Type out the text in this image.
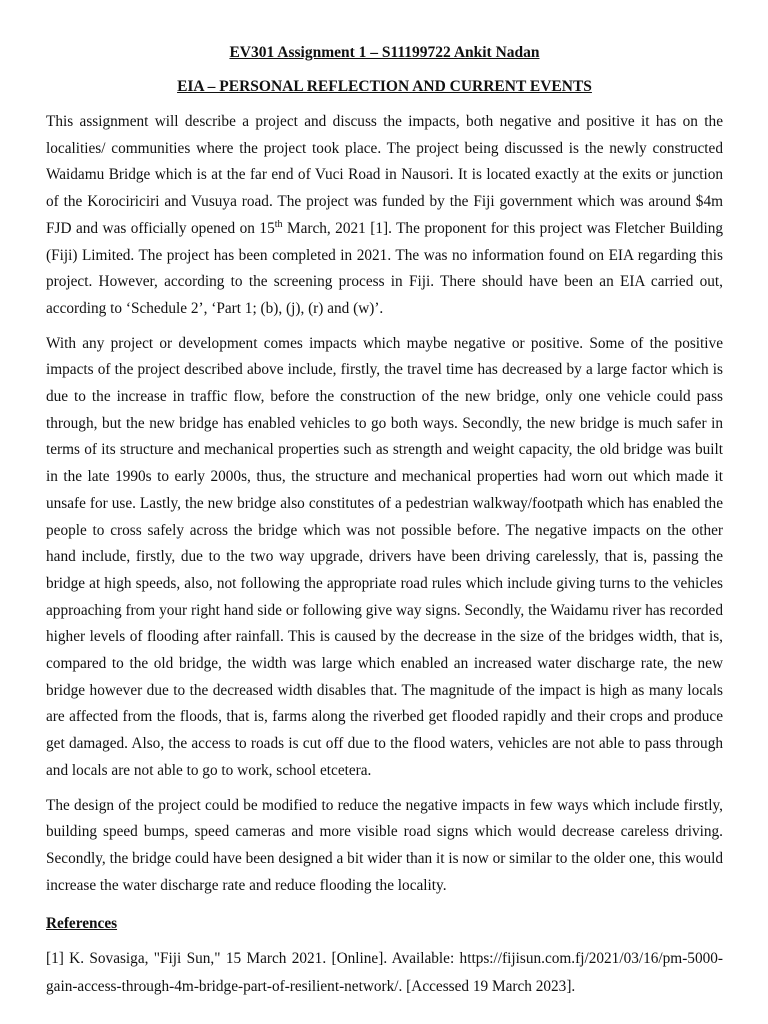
EV301 Assignment 1 – S11199722 Ankit Nadan

EIA – PERSONAL REFLECTION AND CURRENT EVENTS

This assignment will describe a project and discuss the impacts, both negative and positive it has on the localities/ communities where the project took place. The project being discussed is the newly constructed Waidamu Bridge which is at the far end of Vuci Road in Nausori. It is located exactly at the exits or junction of the Korociriciri and Vusuya road. The project was funded by the Fiji government which was around $4m FJD and was officially opened on 15th March, 2021 [1]. The proponent for this project was Fletcher Building (Fiji) Limited. The project has been completed in 2021. The was no information found on EIA regarding this project. However, according to the screening process in Fiji. There should have been an EIA carried out, according to ‘Schedule 2’, ‘Part 1; (b), (j), (r) and (w)’.

With any project or development comes impacts which maybe negative or positive. Some of the positive impacts of the project described above include, firstly, the travel time has decreased by a large factor which is due to the increase in traffic flow, before the construction of the new bridge, only one vehicle could pass through, but the new bridge has enabled vehicles to go both ways. Secondly, the new bridge is much safer in terms of its structure and mechanical properties such as strength and weight capacity, the old bridge was built in the late 1990s to early 2000s, thus, the structure and mechanical properties had worn out which made it unsafe for use. Lastly, the new bridge also constitutes of a pedestrian walkway/footpath which has enabled the people to cross safely across the bridge which was not possible before. The negative impacts on the other hand include, firstly, due to the two way upgrade, drivers have been driving carelessly, that is, passing the bridge at high speeds, also, not following the appropriate road rules which include giving turns to the vehicles approaching from your right hand side or following give way signs. Secondly, the Waidamu river has recorded higher levels of flooding after rainfall. This is caused by the decrease in the size of the bridges width, that is, compared to the old bridge, the width was large which enabled an increased water discharge rate, the new bridge however due to the decreased width disables that. The magnitude of the impact is high as many locals are affected from the floods, that is, farms along the riverbed get flooded rapidly and their crops and produce get damaged. Also, the access to roads is cut off due to the flood waters, vehicles are not able to pass through and locals are not able to go to work, school etcetera.

The design of the project could be modified to reduce the negative impacts in few ways which include firstly, building speed bumps, speed cameras and more visible road signs which would decrease careless driving. Secondly, the bridge could have been designed a bit wider than it is now or similar to the older one, this would increase the water discharge rate and reduce flooding the locality.

References

[1] K. Sovasiga, "Fiji Sun," 15 March 2021. [Online]. Available: https://fijisun.com.fj/2021/03/16/pm-5000-gain-access-through-4m-bridge-part-of-resilient-network/. [Accessed 19 March 2023].
